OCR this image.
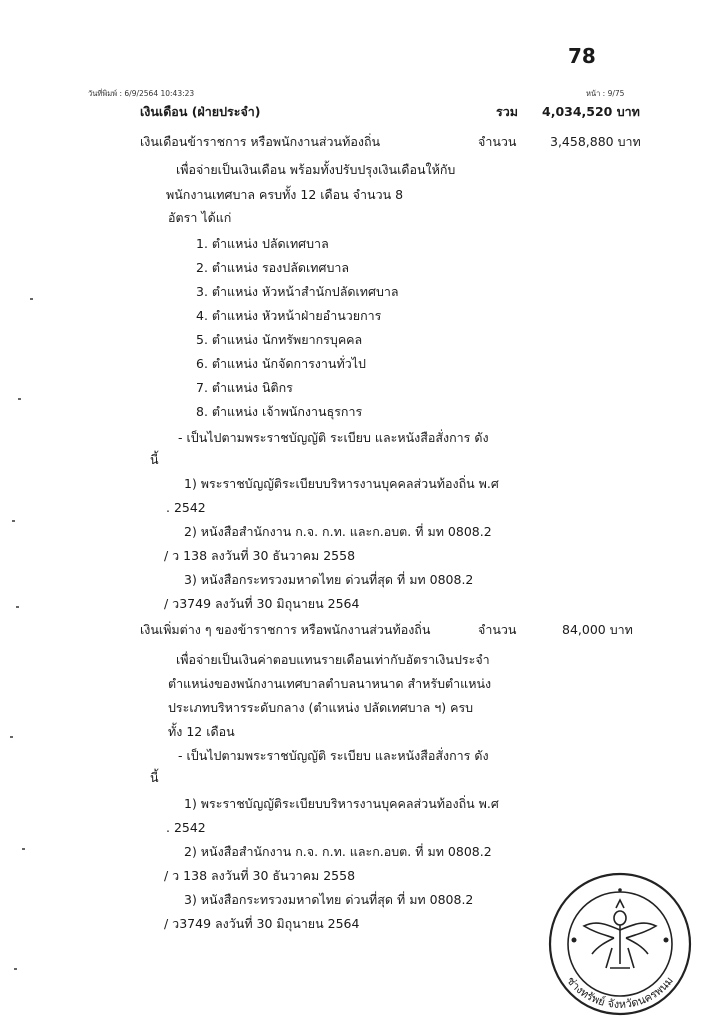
78
วันที่พิมพ์ : 6/9/2564 10:43:23	หน้า : 9/75
เงินเดือน (ฝ่ายประจำ)	รวม 4,034,520 บาท
เงินเดือนข้าราชการ หรือพนักงานส่วนท้องถิ่น	จำนวน	3,458,880 บาท
เพื่อจ่ายเป็นเงินเดือน พร้อมทั้งปรับปรุงเงินเดือนให้กับ
พนักงานเทศบาล ครบทั้ง 12 เดือน จำนวน 8
อัตรา ได้แก่
1. ตำแหน่ง ปลัดเทศบาล
2. ตำแหน่ง รองปลัดเทศบาล
3. ตำแหน่ง หัวหน้าสำนักปลัดเทศบาล
4. ตำแหน่ง หัวหน้าฝ่ายอำนวยการ
5. ตำแหน่ง นักทรัพยากรบุคคล
6. ตำแหน่ง นักจัดการงานทั่วไป
7. ตำแหน่ง นิติกร
8. ตำแหน่ง เจ้าพนักงานธุรการ
- เป็นไปตามพระราชบัญญัติ ระเบียบ และหนังสือสั่งการ ดัง
นี้
1) พระราชบัญญัติระเบียบบริหารงานบุคคลส่วนท้องถิ่น พ.ศ
. 2542
2) หนังสือสำนักงาน ก.จ. ก.ท. และก.อบต. ที่ มท 0808.2
/ ว 138 ลงวันที่ 30 ธันวาคม 2558
3) หนังสือกระทรวงมหาดไทย ด่วนที่สุด ที่ มท 0808.2
/ ว3749 ลงวันที่ 30 มิถุนายน 2564
เงินเพิ่มต่าง ๆ ของข้าราชการ หรือพนักงานส่วนท้องถิ่น	จำนวน	84,000 บาท
เพื่อจ่ายเป็นเงินค่าตอบแทนรายเดือนเท่ากับอัตราเงินประจำ
ตำแหน่งของพนักงานเทศบาลตำบลนาหนาด สำหรับตำแหน่ง
ประเภทบริหารระดับกลาง (ตำแหน่ง ปลัดเทศบาล ฯ) ครบ
ทั้ง 12 เดือน
- เป็นไปตามพระราชบัญญัติ ระเบียบ และหนังสือสั่งการ ดัง
นี้
1) พระราชบัญญัติระเบียบบริหารงานบุคคลส่วนท้องถิ่น พ.ศ
. 2542
2) หนังสือสำนักงาน ก.จ. ก.ท. และก.อบต. ที่ มท 0808.2
/ ว 138 ลงวันที่ 30 ธันวาคม 2558
3) หนังสือกระทรวงมหาดไทย ด่วนที่สุด ที่ มท 0808.2
/ ว3749 ลงวันที่ 30 มิถุนายน 2564
ช่างทรัพย์ จังหวัดนครพนม
